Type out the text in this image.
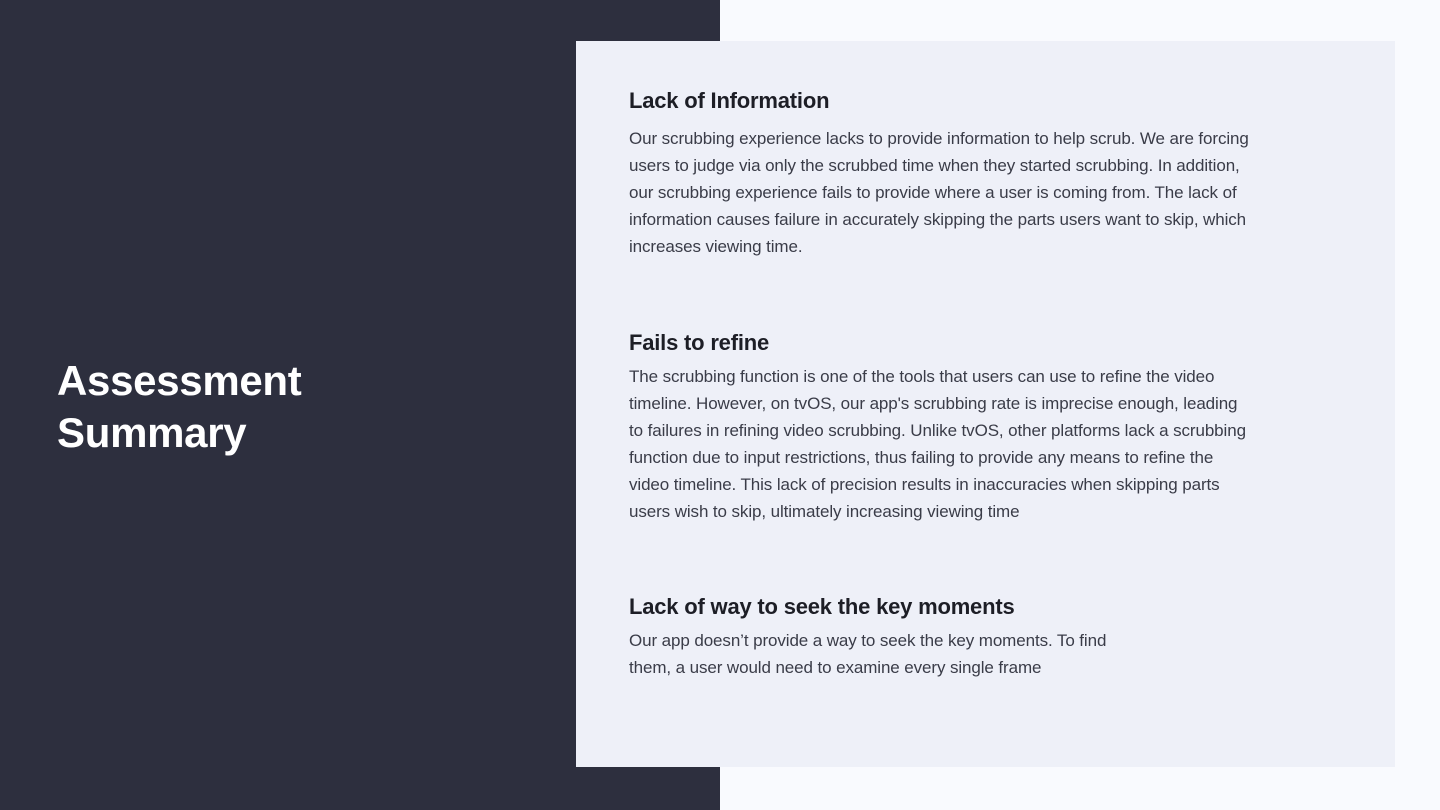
Assessment Summary
Lack of Information

Our scrubbing experience lacks to provide information to help scrub. We are forcing users to judge via only the scrubbed time when they started scrubbing. In addition, our scrubbing experience fails to provide where a user is coming from. The lack of information causes failure in accurately skipping the parts users want to skip, which increases viewing time.

Fails to refine

The scrubbing function is one of the tools that users can use to refine the video timeline. However, on tvOS, our app's scrubbing rate is imprecise enough, leading to failures in refining video scrubbing. Unlike tvOS, other platforms lack a scrubbing function due to input restrictions, thus failing to provide any means to refine the video timeline. This lack of precision results in inaccuracies when skipping parts users wish to skip, ultimately increasing viewing time

Lack of way to seek the key moments

Our app doesn’t provide a way to seek the key moments. To find them, a user would need to examine every single frame
